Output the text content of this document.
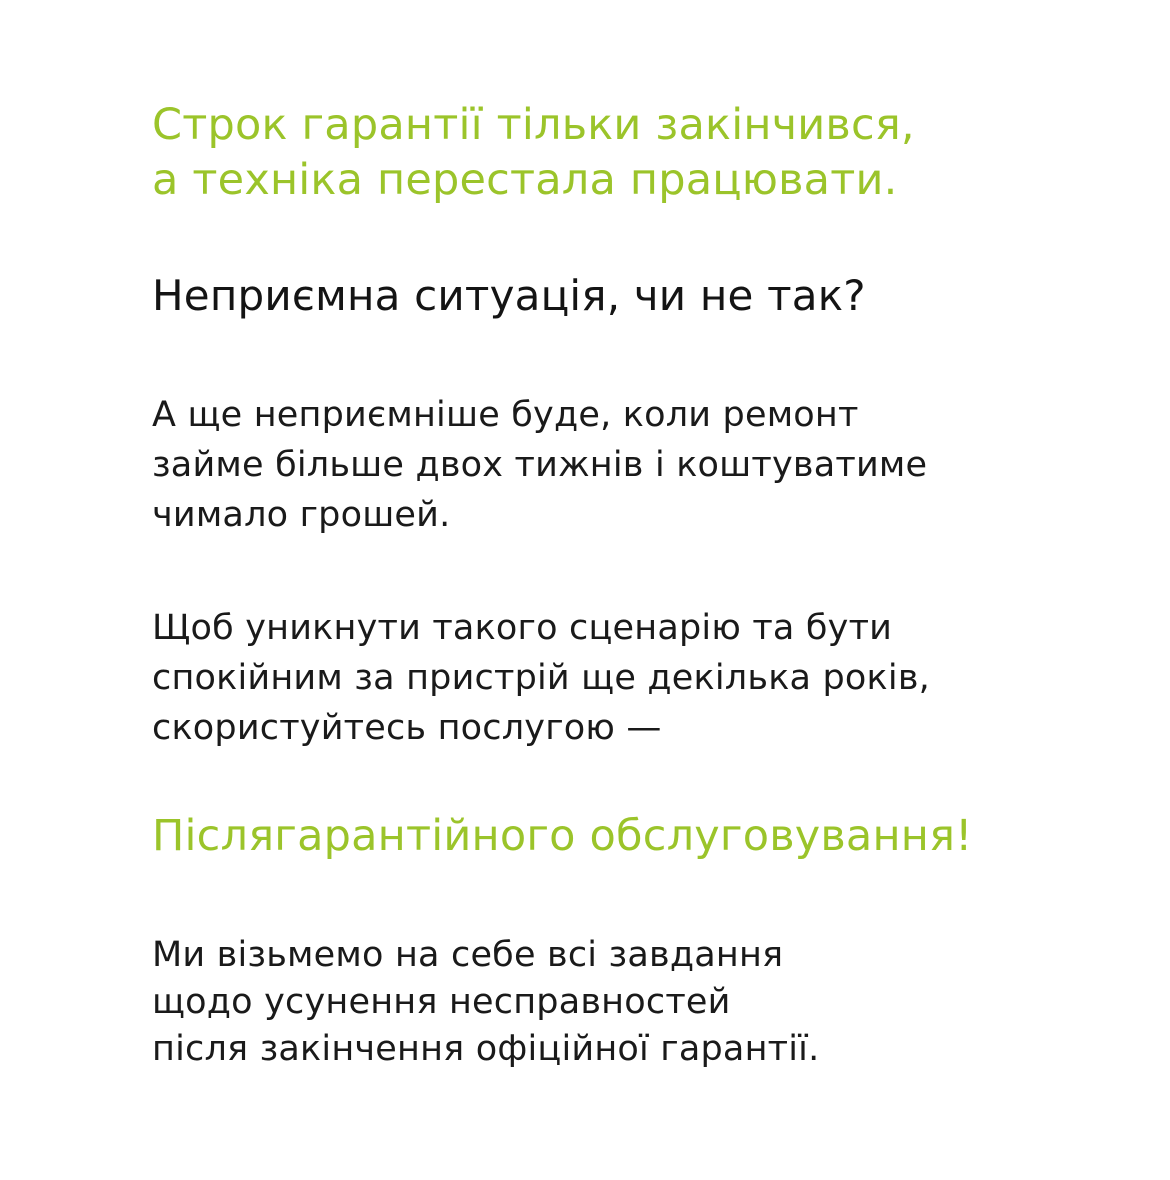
Строк гарантії тільки закінчився,
а техніка перестала працювати.
Неприємна ситуація, чи не так?

А ще неприємніше буде, коли ремонт
займе більше двох тижнів і коштуватиме
чимало грошей.

Щоб уникнути такого сценарію та бути
спокійним за пристрій ще декілька років,
скористуйтесь послугою —

Післягарантійного обслуговування!

Ми візьмемо на себе всі завдання
щодо усунення несправностей
після закінчення офіційної гарантії.
